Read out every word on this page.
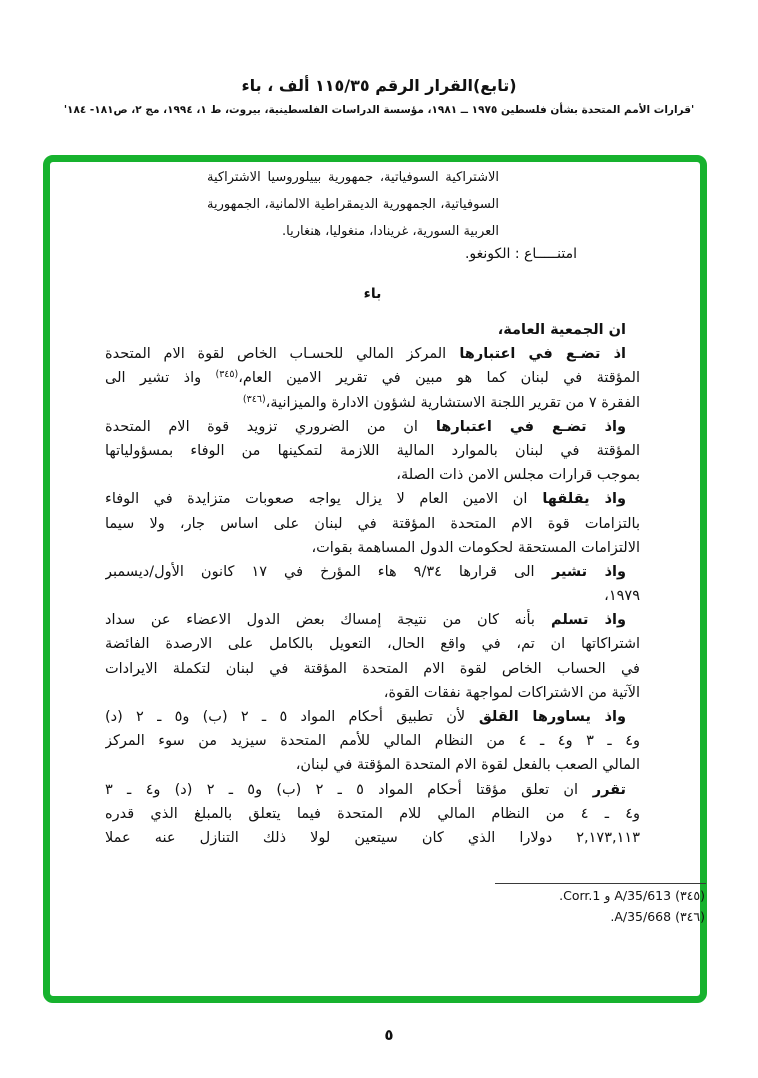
(تابع)القرار الرقم ١١٥/٣٥ ألف ، باء
'قرارات الأمم المتحدة بشأن فلسطين ١٩٧٥ ــ ١٩٨١، مؤسسة الدراسات الفلسطينية، بيروت، ط ١، ١٩٩٤، مج ٢، ص١٨١- ١٨٤'
الاشتراكية السوفياتية، جمهورية بييلوروسيا الاشتراكية
السوفياتية، الجمهورية الديمقراطية الالمانية، الجمهورية
العربية السورية، غرينادا، منغوليا، هنغاريا.
امتنـــــاع : الكونغو.
باء
ان الجمعية العامة،
اذ تضـع في اعتبارها المركز المالي للحسـاب الخاص لقوة الام المتحدة
المؤقتة في لبنان كما هو مبين في تقرير الامين العام،$^{(٣٤٥)}$ واذ تشير الى
الفقرة ٧ من تقرير اللجنة الاستشارية لشؤون الادارة والميزانية،$^{(٣٤٦)}$
واذ تضـع في اعتبارها ان من الضروري تزويد قوة الام المتحدة
المؤقتة في لبنان بالموارد المالية اللازمة لتمكينها من الوفاء بمسؤولياتها
بموجب قرارات مجلس الامن ذات الصلة،
واذ يقلقها ان الامين العام لا يزال يواجه صعوبات متزايدة في الوفاء
بالتزامات قوة الام المتحدة المؤقتة في لبنان على اساس جار، ولا سيما
الالتزامات المستحقة لحكومات الدول المساهمة بقوات،
واذ تشير الى قرارها ٩/٣٤ هاء المؤرخ في ١٧ كانون الأول/ديسمبر
١٩٧٩،
واذ تسلم بأنه كان من نتيجة إمساك بعض الدول الاعضاء عن سداد
اشتراكاتها ان تم، في واقع الحال، التعويل بالكامل على الارصدة الفائضة
في الحساب الخاص لقوة الام المتحدة المؤقتة في لبنان لتكملة الايرادات
الآتية من الاشتراكات لمواجهة نفقات القوة،
واذ يساورها القلق لأن تطبيق أحكام المواد ٥ ـ ٢ (ب) و٥ ـ ٢ (د)
و٤ ـ ٣ و٤ ـ ٤ من النظام المالي للأمم المتحدة سيزيد من سوء المركز
المالي الصعب بالفعل لقوة الام المتحدة المؤقتة في لبنان،
تقرر ان تعلق مؤقتا أحكام المواد ٥ ـ ٢ (ب) و٥ ـ ٢ (د) و٤ ـ ٣
و٤ ـ ٤ من النظام المالي للام المتحدة فيما يتعلق بالمبلغ الذي قدره
٢,١٧٣,١١٣ دولارا الذي كان سيتعين لولا ذلك التنازل عنه عملا
(٣٤٥) A/35/613 و Corr.1.
(٣٤٦) A/35/668.
٥
